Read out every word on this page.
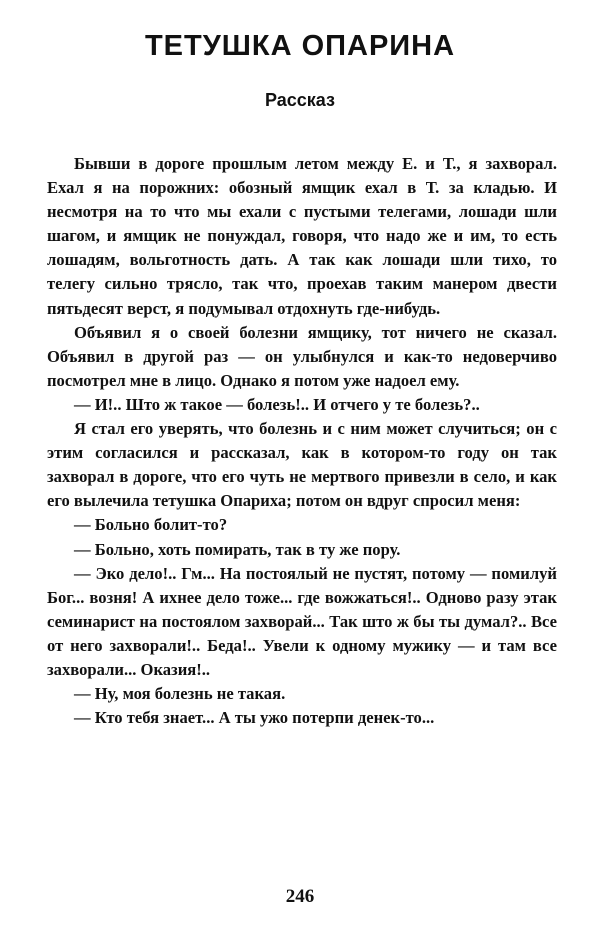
ТЕТУШКА ОПАРИНА
Рассказ

Бывши в дороге прошлым летом между Е. и Т., я захворал. Ехал я на порожних: обозный ямщик ехал в Т. за кладью. И несмотря на то что мы ехали с пустыми телегами, лошади шли шагом, и ямщик не понуждал, говоря, что надо же и им, то есть лошадям, вольготность дать. А так как лошади шли тихо, то телегу сильно трясло, так что, проехав таким манером двести пятьдесят верст, я подумывал отдохнуть где-нибудь.

Объявил я о своей болезни ямщику, тот ничего не сказал. Объявил в другой раз — он улыбнулся и как-то недоверчиво посмотрел мне в лицо. Однако я потом уже надоел ему.

— И!.. Што ж такое — болезь!.. И отчего у те болезь?..

Я стал его уверять, что болезнь и с ним может случиться; он с этим согласился и рассказал, как в котором-то году он так захворал в дороге, что его чуть не мертвого привезли в село, и как его вылечила тетушка Опариха; потом он вдруг спросил меня:

— Больно болит-то?

— Больно, хоть помирать, так в ту же пору.

— Эко дело!.. Гм... На постоялый не пустят, потому — помилуй Бог... возня! А ихнее дело тоже... где вожжаться!.. Одново разу этак семинарист на постоялом захворай... Так што ж бы ты думал?.. Все от него захворали!.. Беда!.. Увели к одному мужику — и там все захворали... Оказия!..

— Ну, моя болезнь не такая.

— Кто тебя знает... А ты ужо потерпи денек-то...

246
